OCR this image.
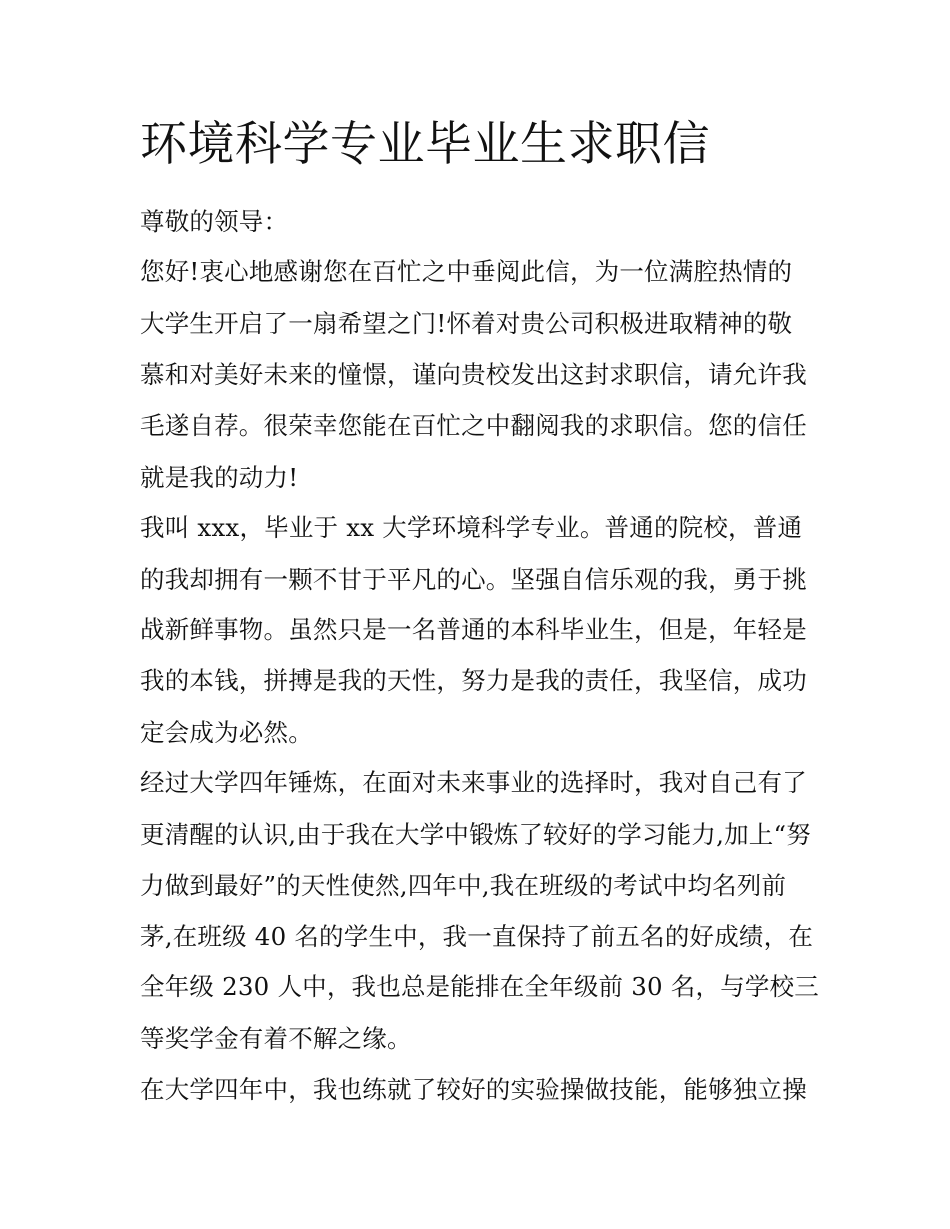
环境科学专业毕业生求职信
尊敬的领导：
您好!衷心地感谢您在百忙之中垂阅此信，为一位满腔热情的
大学生开启了一扇希望之门!怀着对贵公司积极进取精神的敬
慕和对美好未来的憧憬，谨向贵校发出这封求职信，请允许我
毛遂自荐。很荣幸您能在百忙之中翻阅我的求职信。您的信任
就是我的动力!
我叫 xxx，毕业于 xx 大学环境科学专业。普通的院校，普通
的我却拥有一颗不甘于平凡的心。坚强自信乐观的我，勇于挑
战新鲜事物。虽然只是一名普通的本科毕业生，但是，年轻是
我的本钱，拼搏是我的天性，努力是我的责任，我坚信，成功
定会成为必然。
经过大学四年锤炼，在面对未来事业的选择时，我对自己有了
更清醒的认识,由于我在大学中锻炼了较好的学习能力,加上“努
力做到最好”的天性使然,四年中,我在班级的考试中均名列前
茅,在班级 40 名的学生中，我一直保持了前五名的好成绩，在
全年级 230 人中，我也总是能排在全年级前 30 名，与学校三
等奖学金有着不解之缘。
在大学四年中，我也练就了较好的实验操做技能，能够独立操
